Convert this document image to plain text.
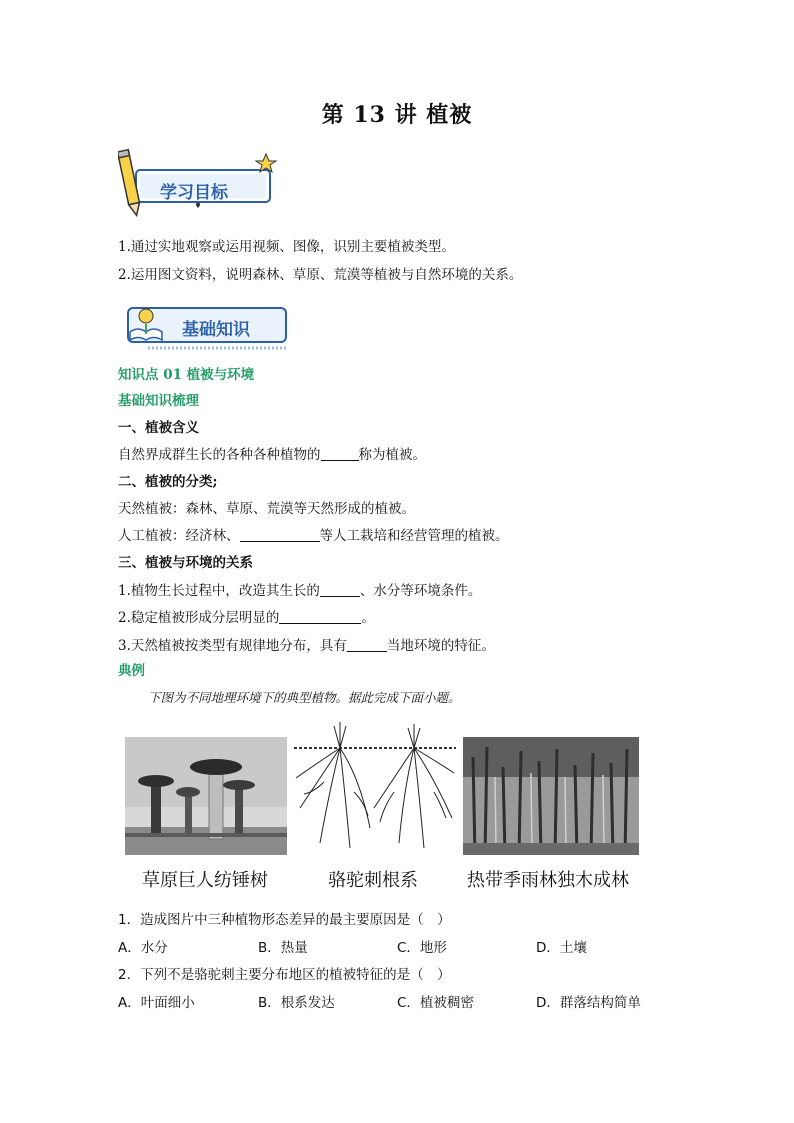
第 13 讲 植被
学习目标
1.通过实地观察或运用视频、图像，识别主要植被类型。
2.运用图文资料，说明森林、草原、荒漠等植被与自然环境的关系。
基础知识
知识点 01 植被与环境
基础知识梳理
一、植被含义
自然界成群生长的各种各种植物的	称为植被。
二、植被的分类;
天然植被：森林、草原、荒漠等天然形成的植被。
人工植被：经济林、	等人工栽培和经营管理的植被。
三、植被与环境的关系
1.植物生长过程中，改造其生长的	、水分等环境条件。
2.稳定植被形成分层明显的	。
3.天然植被按类型有规律地分布，具有	当地环境的特征。
典例
下图为不同地理环境下的典型植物。据此完成下面小题。
草原巨人纺锤树	骆驼刺根系	热带季雨林独木成林
1．造成图片中三种植物形态差异的最主要原因是（　）
A．水分	B．热量	C．地形	D．土壤
2．下列不是骆驼刺主要分布地区的植被特征的是（　）
A．叶面细小	B．根系发达	C．植被稠密	D．群落结构简单
